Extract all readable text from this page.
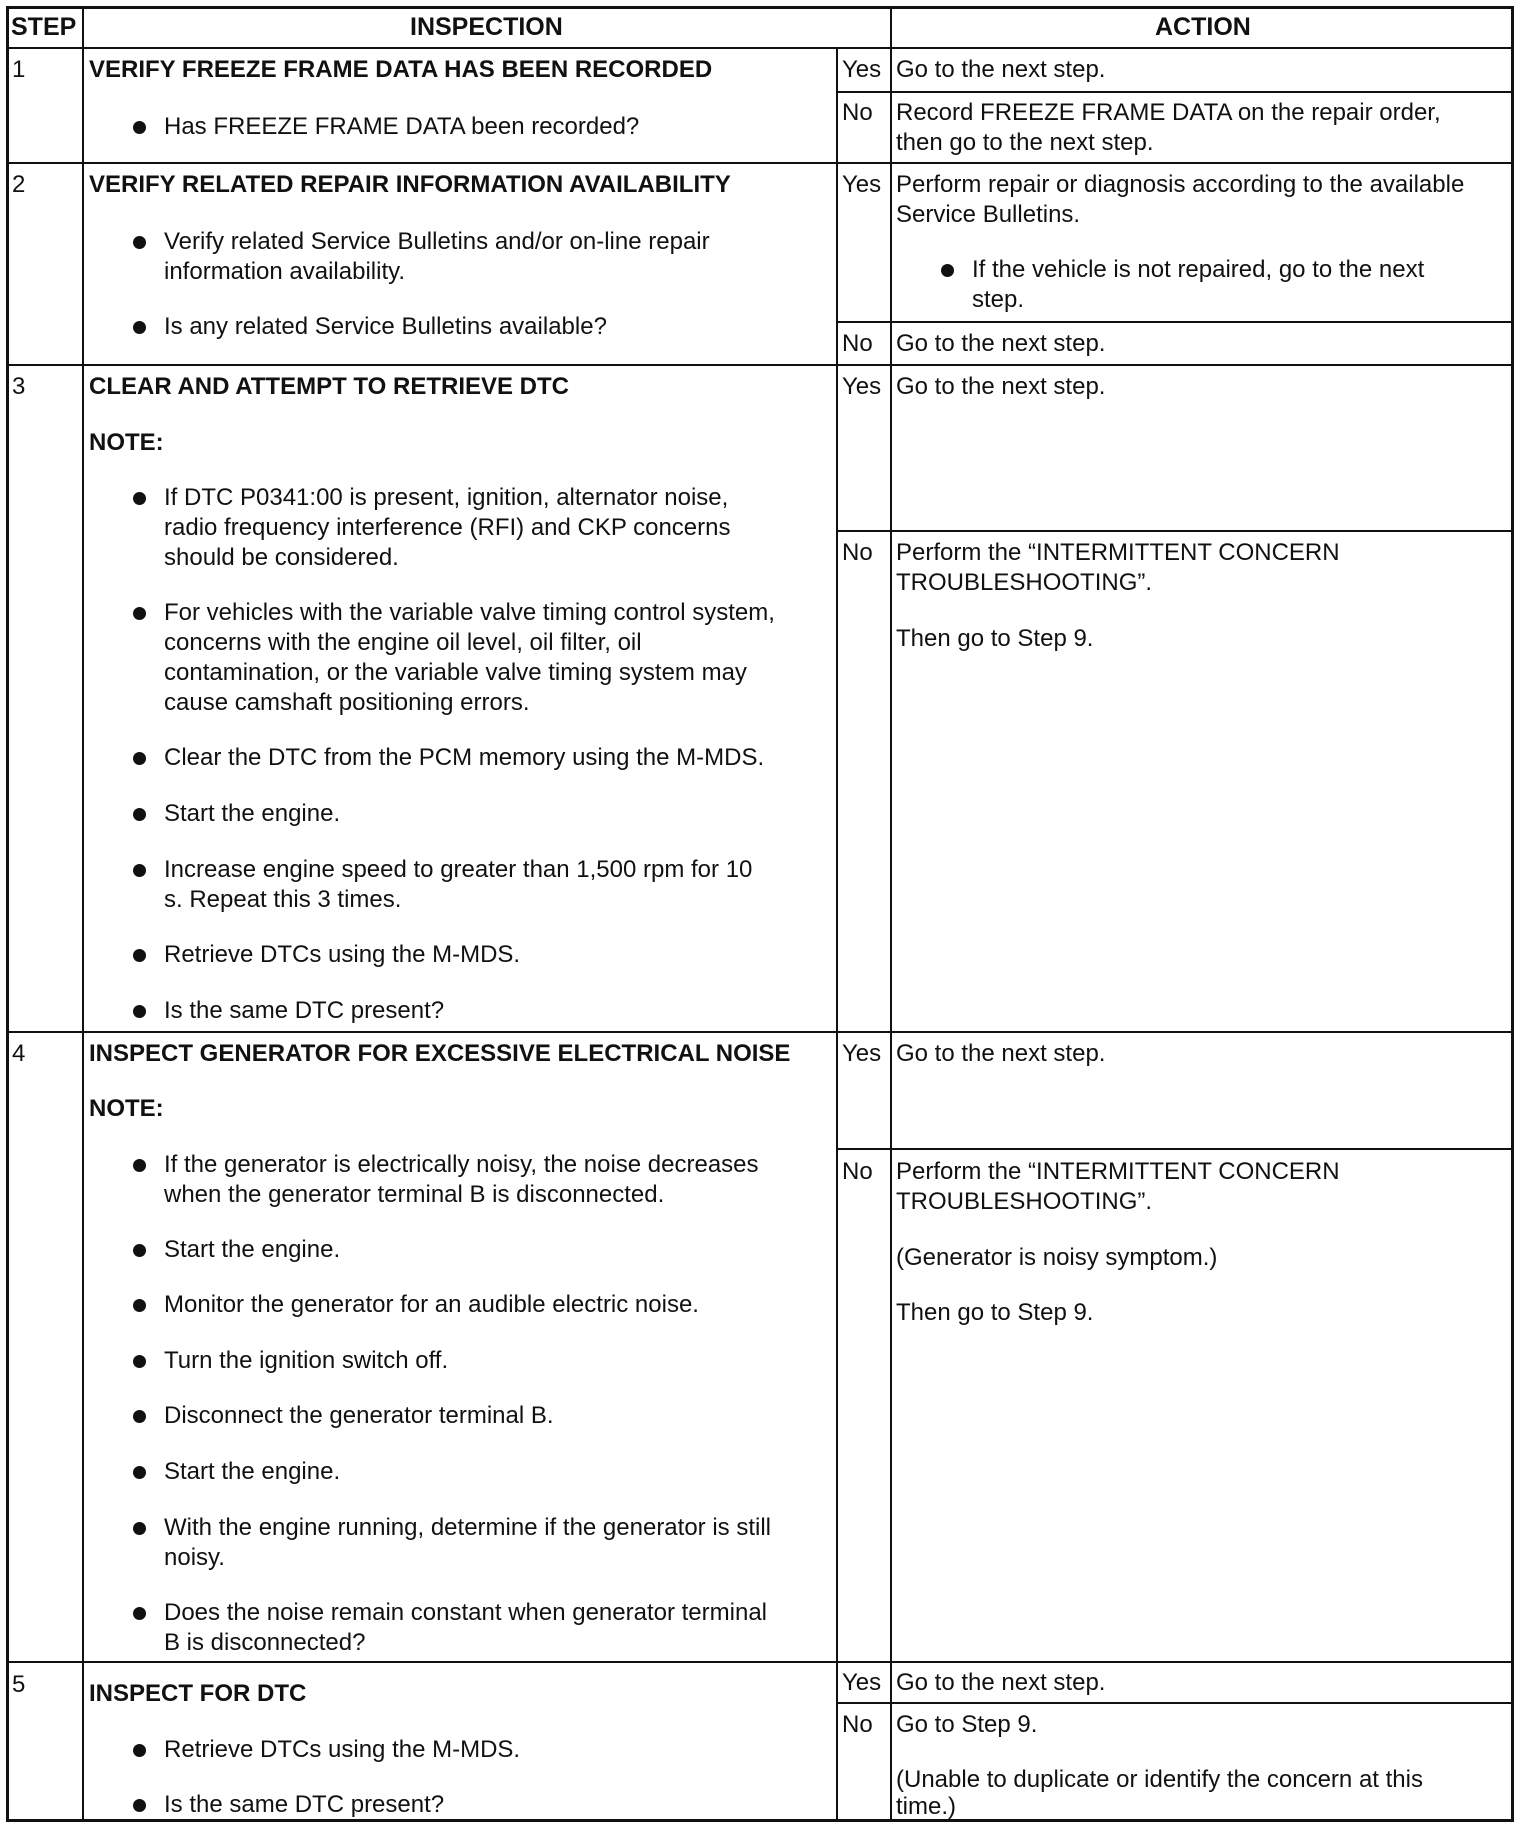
STEP	INSPECTION	ACTION
1	VERIFY FREEZE FRAME DATA HAS BEEN RECORDED
Has FREEZE FRAME DATA been recorded?
Yes Go to the next step.
No Record FREEZE FRAME DATA on the repair order,
then go to the next step.
2	VERIFY RELATED REPAIR INFORMATION AVAILABILITY
Verify related Service Bulletins and/or on-line repair
information availability.
Is any related Service Bulletins available?
Yes Perform repair or diagnosis according to the available
Service Bulletins.
If the vehicle is not repaired, go to the next
step.
No Go to the next step.
3	CLEAR AND ATTEMPT TO RETRIEVE DTC
NOTE:
If DTC P0341:00 is present, ignition, alternator noise,
radio frequency interference (RFI) and CKP concerns
should be considered.
For vehicles with the variable valve timing control system,
concerns with the engine oil level, oil filter, oil
contamination, or the variable valve timing system may
cause camshaft positioning errors.
Clear the DTC from the PCM memory using the M-MDS.
Start the engine.
Increase engine speed to greater than 1,500 rpm for 10
s. Repeat this 3 times.
Retrieve DTCs using the M-MDS.
Is the same DTC present?
Yes Go to the next step.
No Perform the “INTERMITTENT CONCERN
TROUBLESHOOTING”.
Then go to Step 9.
4	INSPECT GENERATOR FOR EXCESSIVE ELECTRICAL NOISE
NOTE:
If the generator is electrically noisy, the noise decreases
when the generator terminal B is disconnected.
Start the engine.
Monitor the generator for an audible electric noise.
Turn the ignition switch off.
Disconnect the generator terminal B.
Start the engine.
With the engine running, determine if the generator is still
noisy.
Does the noise remain constant when generator terminal
B is disconnected?
Yes Go to the next step.
No Perform the “INTERMITTENT CONCERN
TROUBLESHOOTING”.
(Generator is noisy symptom.)
Then go to Step 9.
5	INSPECT FOR DTC
Retrieve DTCs using the M-MDS.
Is the same DTC present?
Yes Go to the next step.
No Go to Step 9.
(Unable to duplicate or identify the concern at this
time.)
